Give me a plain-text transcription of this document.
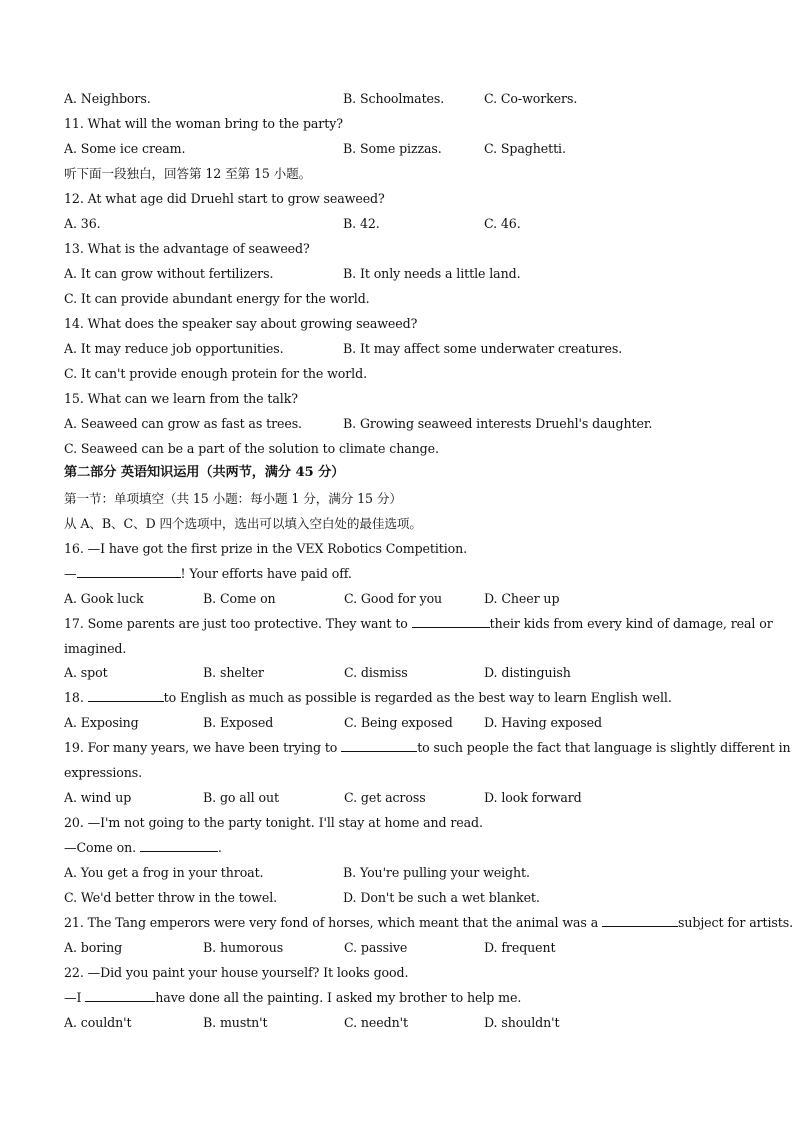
A. Neighbors.	B. Schoolmates.	C. Co-workers.
11. What will the woman bring to the party?
A. Some ice cream.	B. Some pizzas.	C. Spaghetti.
听下面一段独白，回答第 12 至第 15 小题。
12. At what age did Druehl start to grow seaweed?
A. 36.	B. 42.	C. 46.
13. What is the advantage of seaweed?
A. It can grow without fertilizers.	B. It only needs a little land.
C. It can provide abundant energy for the world.
14. What does the speaker say about growing seaweed?
A. It may reduce job opportunities.	B. It may affect some underwater creatures.
C. It can't provide enough protein for the world.
15. What can we learn from the talk?
A. Seaweed can grow as fast as trees.	B. Growing seaweed interests Druehl's daughter.
C. Seaweed can be a part of the solution to climate change.
第二部分 英语知识运用（共两节，满分 45 分）
第一节：单项填空（共 15 小题：每小题 1 分，满分 15 分）
从 A、B、C、D 四个选项中，选出可以填入空白处的最佳选项。
16. —I have got the first prize in the VEX Robotics Competition.
—	! Your efforts have paid off.
A. Gook luck	B. Come on	C. Good for you	D. Cheer up
17. Some parents are just too protective. They want to	their kids from every kind of damage, real or
imagined.
A. spot	B. shelter	C. dismiss	D. distinguish
18.	to English as much as possible is regarded as the best way to learn English well.
A. Exposing	B. Exposed	C. Being exposed D. Having exposed
19. For many years, we have been trying to	to such people the fact that language is slightly different in
expressions.
A. wind up	B. go all out	C. get across	D. look forward
20. —I'm not going to the party tonight. I'll stay at home and read.
—Come on.	.
A. You get a frog in your throat.	B. You're pulling your weight.
C. We'd better throw in the towel.	D. Don't be such a wet blanket.
21. The Tang emperors were very fond of horses, which meant that the animal was a	subject for artists.
A. boring	B. humorous	C. passive	D. frequent
22. —Did you paint your house yourself? It looks good.
—I	have done all the painting. I asked my brother to help me.
A. couldn't	B. mustn't	C. needn't	D. shouldn't
